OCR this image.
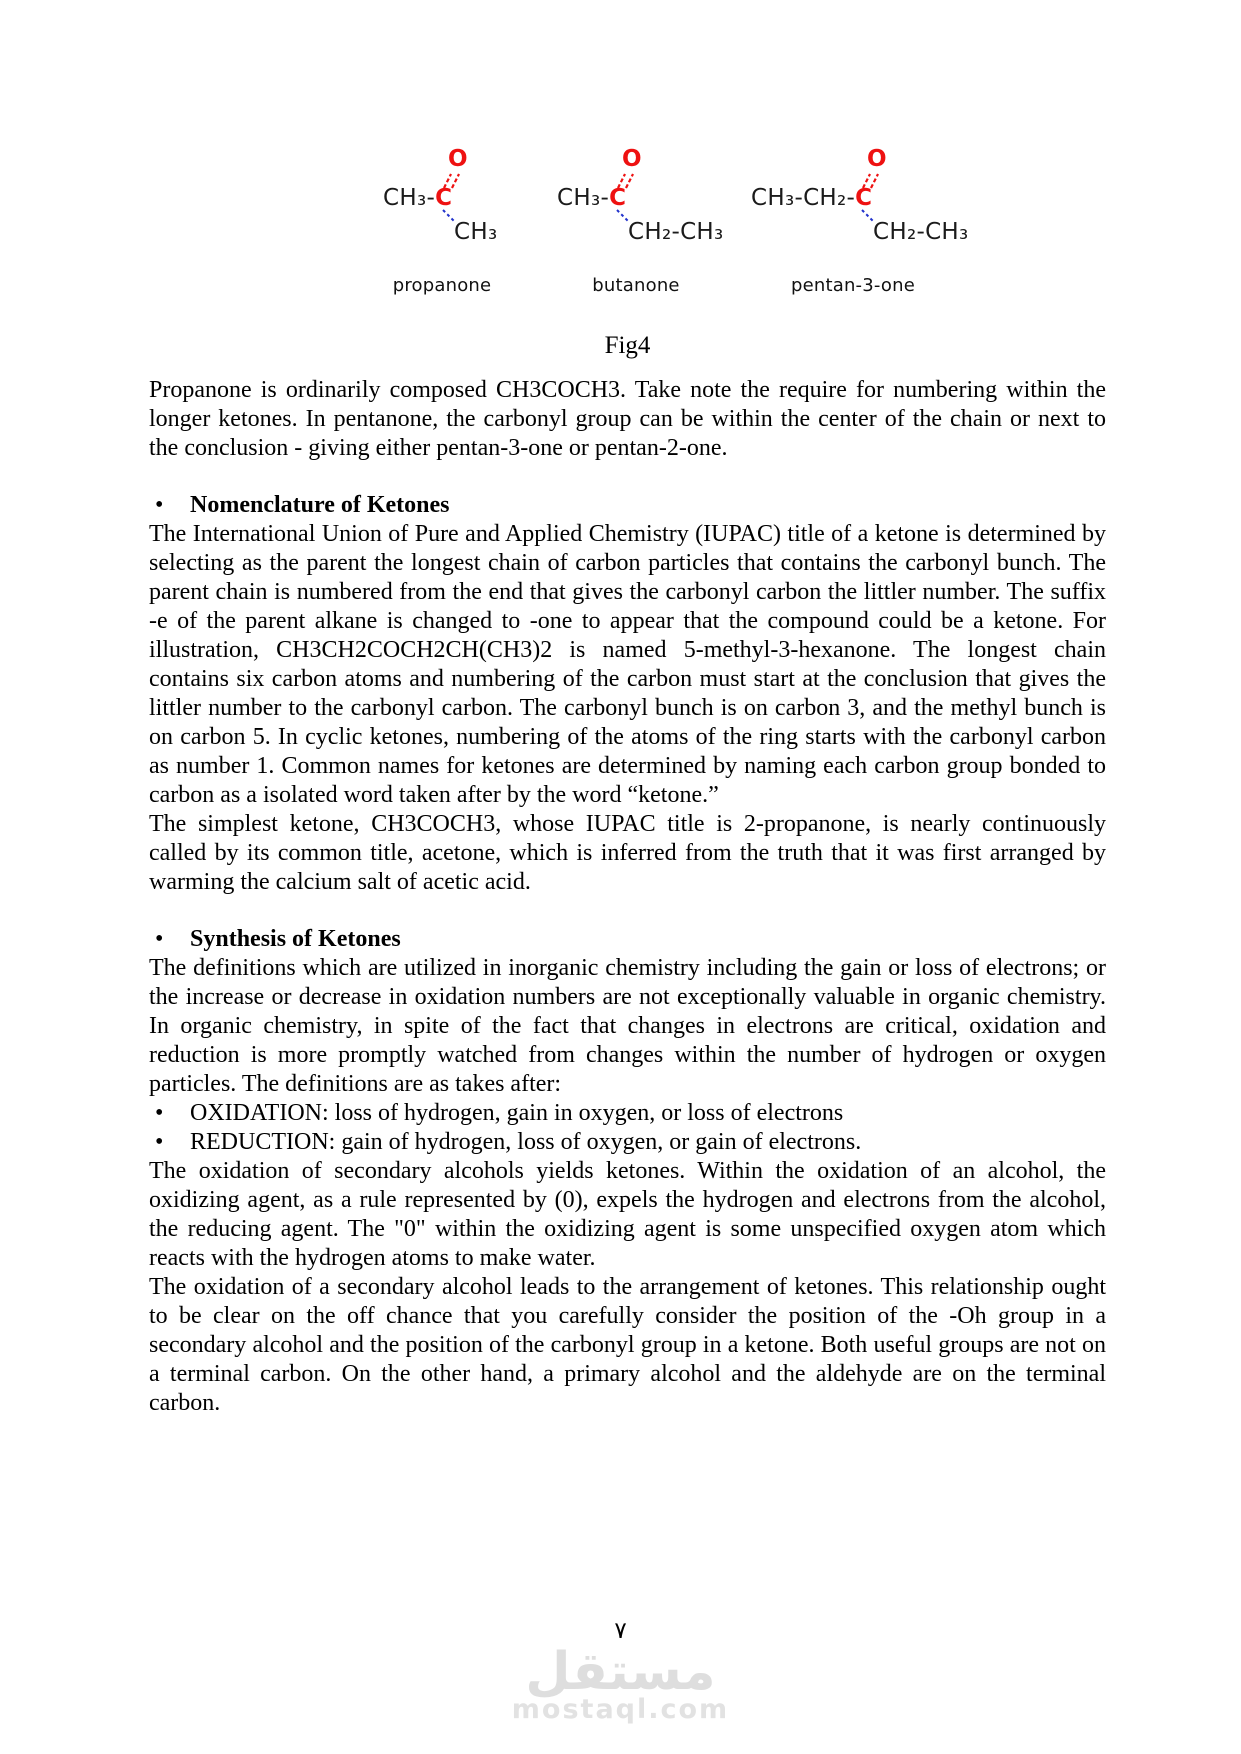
O
CH₃-C
CH₃
propanone
O
CH₃-C
CH₂-CH₃
butanone
O
CH₃-CH₂-C
CH₂-CH₃
pentan-3-one
Fig4

Propanone is ordinarily composed CH3COCH3. Take note the require for numbering within the longer ketones. In pentanone, the carbonyl group can be within the center of the chain or next to the conclusion - giving either pentan-3-one or pentan-2-one.

•	Nomenclature of Ketones

The International Union of Pure and Applied Chemistry (IUPAC) title of a ketone is determined by selecting as the parent the longest chain of carbon particles that contains the carbonyl bunch. The parent chain is numbered from the end that gives the carbonyl carbon the littler number. The suffix -e of the parent alkane is changed to -one to appear that the compound could be a ketone. For illustration, CH3CH2COCH2CH(CH3)2 is named 5-methyl-3-hexanone. The longest chain contains six carbon atoms and numbering of the carbon must start at the conclusion that gives the littler number to the carbonyl carbon. The carbonyl bunch is on carbon 3, and the methyl bunch is on carbon 5. In cyclic ketones, numbering of the atoms of the ring starts with the carbonyl carbon as number 1. Common names for ketones are determined by naming each carbon group bonded to carbon as a isolated word taken after by the word “ketone.”

The simplest ketone, CH3COCH3, whose IUPAC title is 2-propanone, is nearly continuously called by its common title, acetone, which is inferred from the truth that it was first arranged by warming the calcium salt of acetic acid.

•	Synthesis of Ketones

The definitions which are utilized in inorganic chemistry including the gain or loss of electrons; or the increase or decrease in oxidation numbers are not exceptionally valuable in organic chemistry. In organic chemistry, in spite of the fact that changes in electrons are critical, oxidation and reduction is more promptly watched from changes within the number of hydrogen or oxygen particles. The definitions are as takes after:

•	OXIDATION: loss of hydrogen, gain in oxygen, or loss of electrons
•	REDUCTION: gain of hydrogen, loss of oxygen, or gain of electrons.

The oxidation of secondary alcohols yields ketones. Within the oxidation of an alcohol, the oxidizing agent, as a rule represented by (0), expels the hydrogen and electrons from the alcohol, the reducing agent. The "0" within the oxidizing agent is some unspecified oxygen atom which reacts with the hydrogen atoms to make water.

The oxidation of a secondary alcohol leads to the arrangement of ketones. This relationship ought to be clear on the off chance that you carefully consider the position of the -Oh group in a secondary alcohol and the position of the carbonyl group in a ketone. Both useful groups are not on a terminal carbon. On the other hand, a primary alcohol and the aldehyde are on the terminal carbon.

٧
مستقل
mostaql.com
